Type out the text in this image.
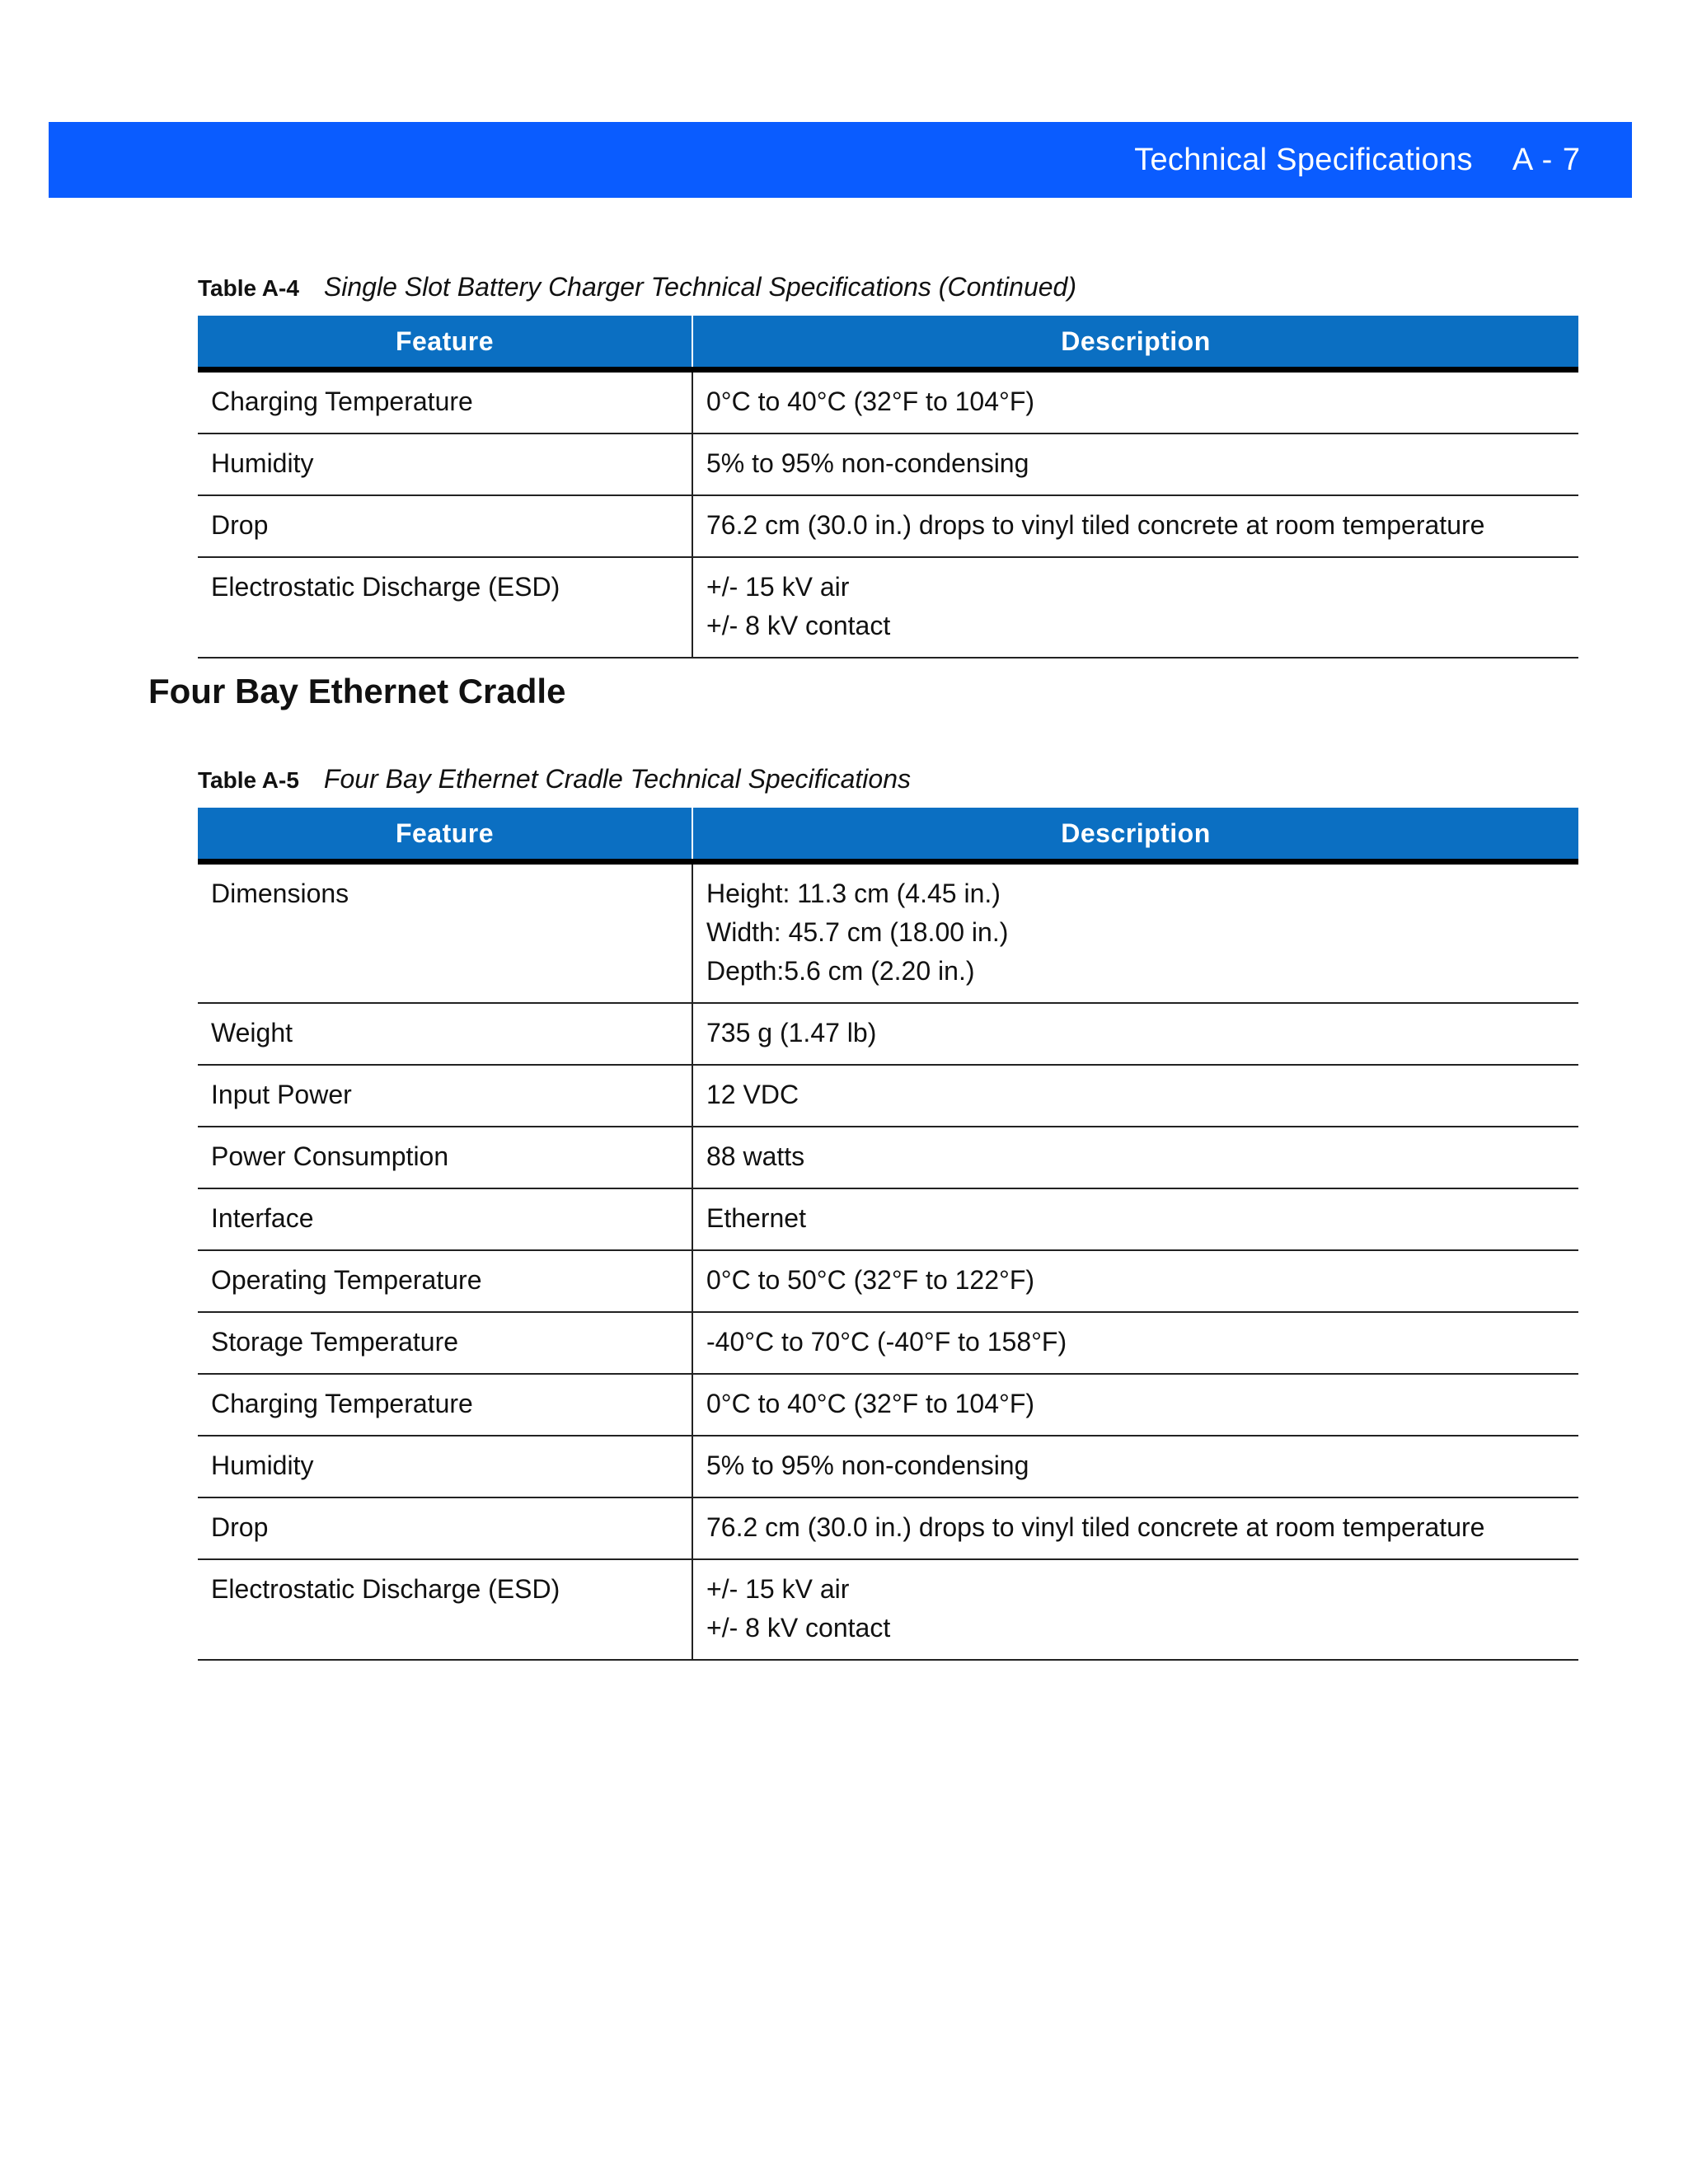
Technical Specifications A - 7
Table A-4 Single Slot Battery Charger Technical Specifications (Continued)
Feature	Description
Charging Temperature	0°C to 40°C (32°F to 104°F)

Humidity	5% to 95% non-condensing

Drop	76.2 cm (30.0 in.) drops to vinyl tiled concrete at room temperature

Electrostatic Discharge (ESD)	+/- 15 kV air
+/- 8 kV contact
Four Bay Ethernet Cradle
Table A-5 Four Bay Ethernet Cradle Technical Specifications
Feature	Description
Dimensions	Height: 11.3 cm (4.45 in.)
Width: 45.7 cm (18.00 in.)
Depth:5.6 cm (2.20 in.)

Weight	735 g (1.47 lb)

Input Power	12 VDC

Power Consumption	88 watts

Interface	Ethernet

Operating Temperature	0°C to 50°C (32°F to 122°F)

Storage Temperature	-40°C to 70°C (-40°F to 158°F)

Charging Temperature	0°C to 40°C (32°F to 104°F)

Humidity	5% to 95% non-condensing

Drop	76.2 cm (30.0 in.) drops to vinyl tiled concrete at room temperature

Electrostatic Discharge (ESD)	+/- 15 kV air
+/- 8 kV contact
